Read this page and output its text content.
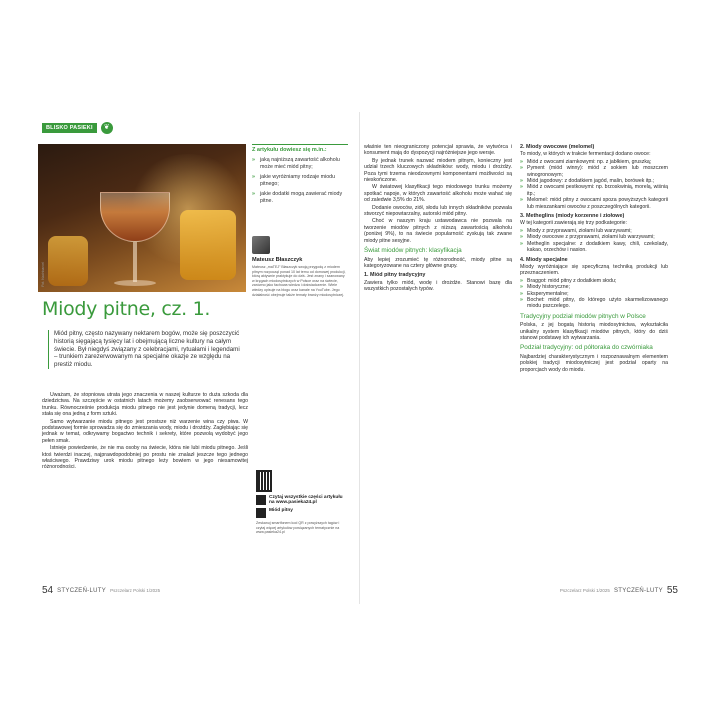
BLISKO PASIEKI	❦
Fot. Nachbarcel
Z artykułu dowiesz się m.in.:
» jaką najniższą zawartość alkoholu może mieć miód pitny;
» jakie wyróżniamy rodzaje miodu pitnego;
» jakie dodatki mogą zawierać miody pitne.
Mateusz Błaszczyk
Mateusz „maTEJ” Błaszczyk swoją przygodę z miodem pitnym rozpoczął ponad 10 lat temu od domowej produkcji, którą aktywnie praktykuje do dziś. Jest znany i szanowany w kręgach miodosytniczych w Polsce oraz na świecie, zarówno jako fachowa wiedza i doświadczenie. Wiele wiedzy opisuje na blogu oraz kanale na YouTube. Jego działalność obejmuje także tematy branży miodosytniczej.
Miody pitne, cz. 1.
Miód pitny, często nazywany nektarem bogów, może się poszczycić historią sięgającą tysięcy lat i obejmującą liczne kultury na całym świecie. Był niegdyś związany z celebracjami, rytuałami i legendami – trunkiem zarezerwowanym na specjalne okazje ze względu na prestiż miodu.

Uważam, że stopniowa utrata jego znaczenia w naszej kulturze to duża szkoda dla dziedzictwa. Na szczęście w ostatnich latach możemy zaobserwować renesans tego trunku. Równocześnie produkcja miodu pitnego nie jest jedynie domeną tradycji, lecz stała się ona jedną z form sztuki.

Samo wytwarzanie miodu pitnego jest prostsze niż warzenie wina czy piwa. W podstawowej formie sprowadza się do zmieszania wody, miodu i drożdży. Zagłębiając się jednak w temat, odkrywamy bogactwo technik i sekrety, które pozwolą wydobyć jego pełen smak.

Istnieje powiedzenie, że nie ma osoby na świecie, która nie lubi miodu pitnego. Jeśli ktoś twierdzi inaczej, najprawdopodobniej po prostu nie znalazł jeszcze tego jednego właściwego. Prawdziwy urok miodu pitnego leży bowiem w jego niesamowitej różnorodności.

Czytaj wszystkie części artykułu na www.pasieka24.pl
Miód pitny
Zeskanuj smartfonem kod QR z powyższych tagów i czytaj więcej artykułów powiązanych tematycznie na www.pasieka24.pl
54 STYCZEŃ-LUTY Pszczelarz Polski 1/2025

właśnie ten nieograniczony potencjał sprawia, że wytwórca i konsument mają do dyspozycji najróżniejsze jego wersje.

By jednak trunek nazwać miodem pitnym, konieczny jest udział trzech kluczowych składników: wody, miodu i drożdży. Poza tymi trzema nieodzownymi komponentami możliwości są nieskończone.

W światowej klasyfikacji tego miodowego trunku możemy spotkać napoje, w których zawartość alkoholu może wahać się od zaledwie 3,5% do 21%.

Dodanie owoców, ziół, słodu lub innych składników pozwala stworzyć niepowtarzalny, autorski miód pitny.

Choć w naszym kraju ustawodawca nie pozwala na tworzenie miodów pitnych z niższą zawartością alkoholu (poniżej 9%), to na świecie popularność zyskują tak zwane miody pitne sesyjne.

Świat miodów pitnych: klasyfikacja

Aby lepiej zrozumieć tę różnorodność, miody pitne są kategoryzowane na cztery główne grupy.

1. Miód pitny tradycyjny

Zawiera tylko miód, wodę i drożdże. Stanowi bazę dla wszystkich pozostałych typów.

2. Miody owocowe (melomel)

To miody, w których w trakcie fermentacji dodano owoce:

» Miód z owocami ziarnkowymi: np. z jabłkiem, gruszką;
» Pyment (miód winny): miód z sokiem lub moszczem winogronowym;
» Miód jagodowy: z dodatkiem jagód, malin, borówek itp.;
» Miód z owocami pestkowymi: np. brzoskwinią, morelą, wiśnią itp.;
» Melomel: miód pitny z owocami spoza powyższych kategorii lub mieszankami owoców z poszczególnych kategorii.
3. Metheglins (miody korzenne i ziołowe)

W tej kategorii zawierają się trzy podkategorie:

» Miody z przyprawami, ziołami lub warzywami;
» Miody owocowe z przyprawami, ziołami lub warzywami;
» Metheglin specjalne: z dodatkiem kawy, chili, czekolady, kakao, orzechów i nasion.
4. Miody specjalne

Miody wyróżniające się specyficzną techniką produkcji lub przeznaczeniem.

» Braggot: miód pitny z dodatkiem słodu;
» Miody historyczne;
» Eksperymentalne;
» Bochet: miód pitny, do którego użyto skarmelizowanego miodu pszczelego.
Tradycyjny podział miodów pitnych w Polsce

Polska, z jej bogatą historią miodosytnictwa, wykształciła unikalny system klasyfikacji miodów pitnych, który do dziś stanowi podstawę ich wytwarzania.

Podział tradycyjny: od półtoraka do czwórniaka

Najbardziej charakterystycznym i rozpoznawalnym elementem polskiej tradycji miodosytniczej jest podział oparty na proporcjach wody do miodu.

Pszczelarz Polski 1/2025 STYCZEŃ-LUTY 55
